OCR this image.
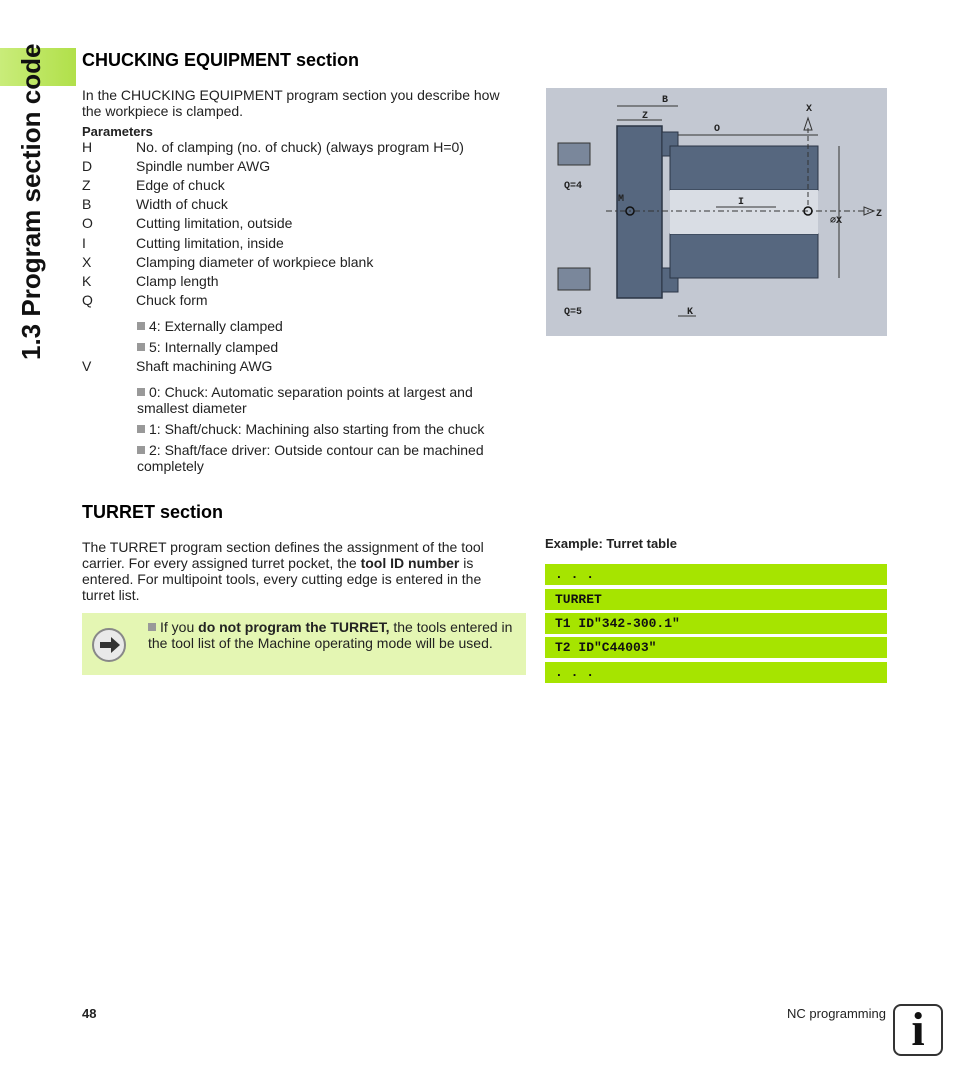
1.3 Program section code CHUCKING EQUIPMENT section
In the CHUCKING EQUIPMENT program section you describe how the workpiece is clamped.
Parameters
H	No. of clamping (no. of chuck) (always program H=0)
D	Spindle number AWG
Z	Edge of chuck
B	Width of chuck
O	Cutting limitation, outside
I	Cutting limitation, inside
X	Clamping diameter of workpiece blank
K	Clamp length
Q	Chuck form
4: Externally clamped
5: Internally clamped
V	Shaft machining AWG
0: Chuck: Automatic separation points at largest and smallest diameter
1: Shaft/chuck: Machining also starting from the chuck
2: Shaft/face driver: Outside contour can be machined completely
B
Z
O
X
Q=4
M	I
⌀X
Z
Q=5	K
TURRET section
The TURRET program section defines the assignment of the tool carrier. For every assigned turret pocket, the tool ID number is entered. For multipoint tools, every cutting edge is entered in the turret list.
If you do not program the TURRET, the tools entered in the tool list of the Machine operating mode will be used.
Example: Turret table
. . .
TURRET
T1 ID"342-300.1"
T2 ID"C44003"
. . .
48	NC programming i
